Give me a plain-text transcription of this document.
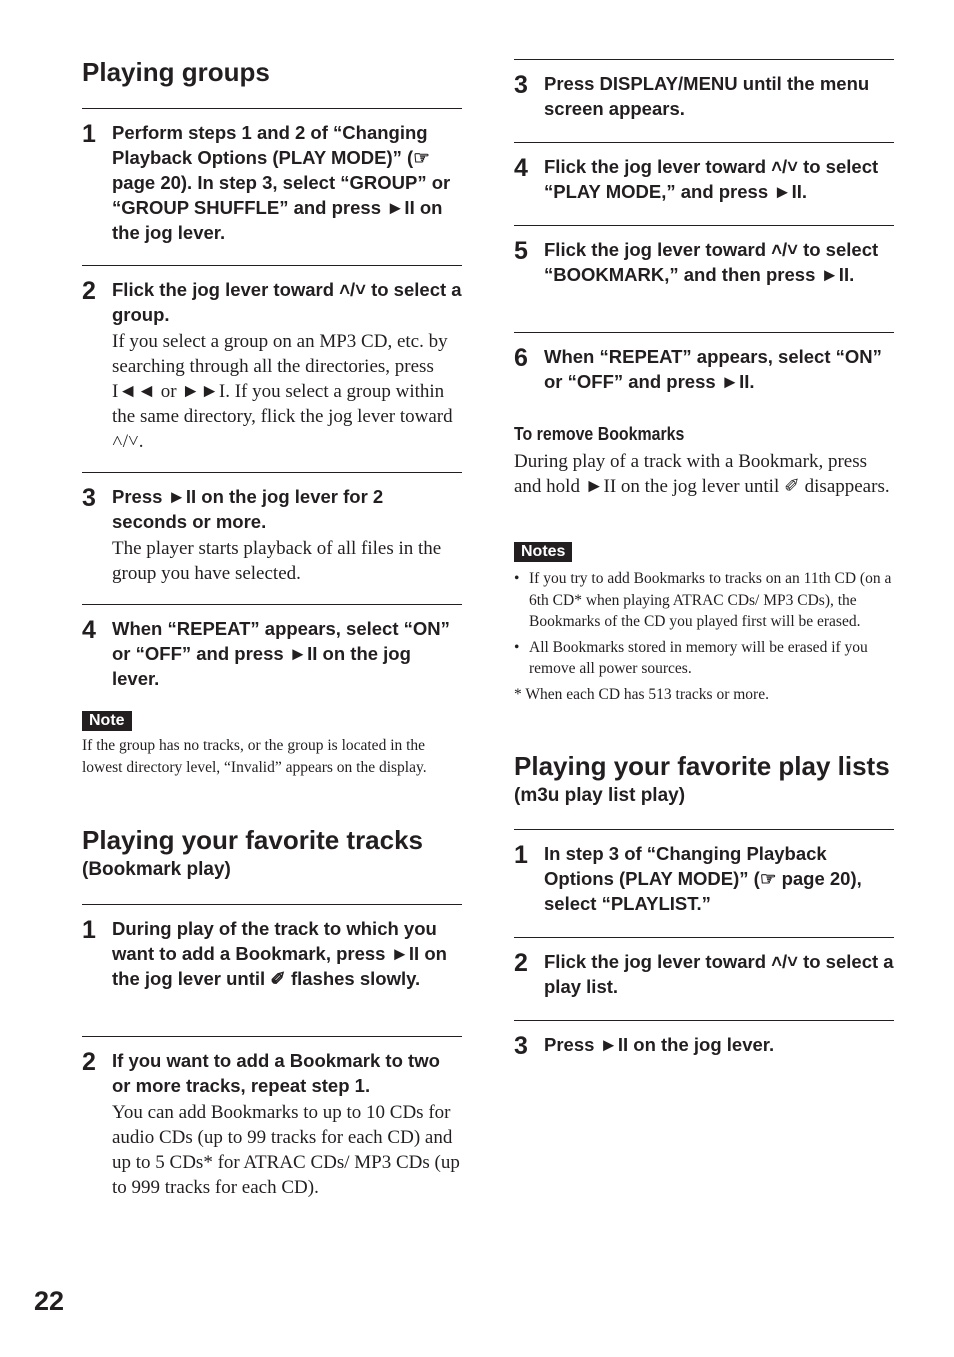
Playing groups
1 Perform steps 1 and 2 of “Changing Playback Options (PLAY MODE)” (☞ page 20). In step 3, select “GROUP” or “GROUP SHUFFLE” and press ►II on the jog lever.

2 Flick the jog lever toward ˄/˅ to select a group.

If you select a group on an MP3 CD, etc. by searching through all the directories, press I◄◄ or ►►I. If you select a group within the same directory, flick the jog lever toward ˄/˅.

3 Press ►II on the jog lever for 2 seconds or more.

The player starts playback of all files in the group you have selected.

4 When “REPEAT” appears, select “ON” or “OFF” and press ►II on the jog lever.

Note

If the group has no tracks, or the group is located in the lowest directory level, “Invalid” appears on the display.

Playing your favorite tracks (Bookmark play)
1 During play of the track to which you want to add a Bookmark, press ►II on the jog lever until ✐ flashes slowly.

2 If you want to add a Bookmark to two or more tracks, repeat step 1.

You can add Bookmarks to up to 10 CDs for audio CDs (up to 99 tracks for each CD) and up to 5 CDs* for ATRAC CDs/ MP3 CDs (up to 999 tracks for each CD).

3 Press DISPLAY/MENU until the menu screen appears.

4 Flick the jog lever toward ˄/˅ to select “PLAY MODE,” and press ►II.

5 Flick the jog lever toward ˄/˅ to select “BOOKMARK,” and then press ►II.

6 When “REPEAT” appears, select “ON” or “OFF” and press ►II.

To remove Bookmarks

During play of a track with a Bookmark, press and hold ►II on the jog lever until ✐ disappears.

Notes
• If you try to add Bookmarks to tracks on an 11th CD (on a 6th CD* when playing ATRAC CDs/ MP3 CDs), the Bookmarks of the CD you played first will be erased.
• All Bookmarks stored in memory will be erased if you remove all power sources.

* When each CD has 513 tracks or more.

Playing your favorite play lists (m3u play list play)
1 In step 3 of “Changing Playback Options (PLAY MODE)” (☞ page 20), select “PLAYLIST.”

2 Flick the jog lever toward ˄/˅ to select a play list.

3 Press ►II on the jog lever.

22
